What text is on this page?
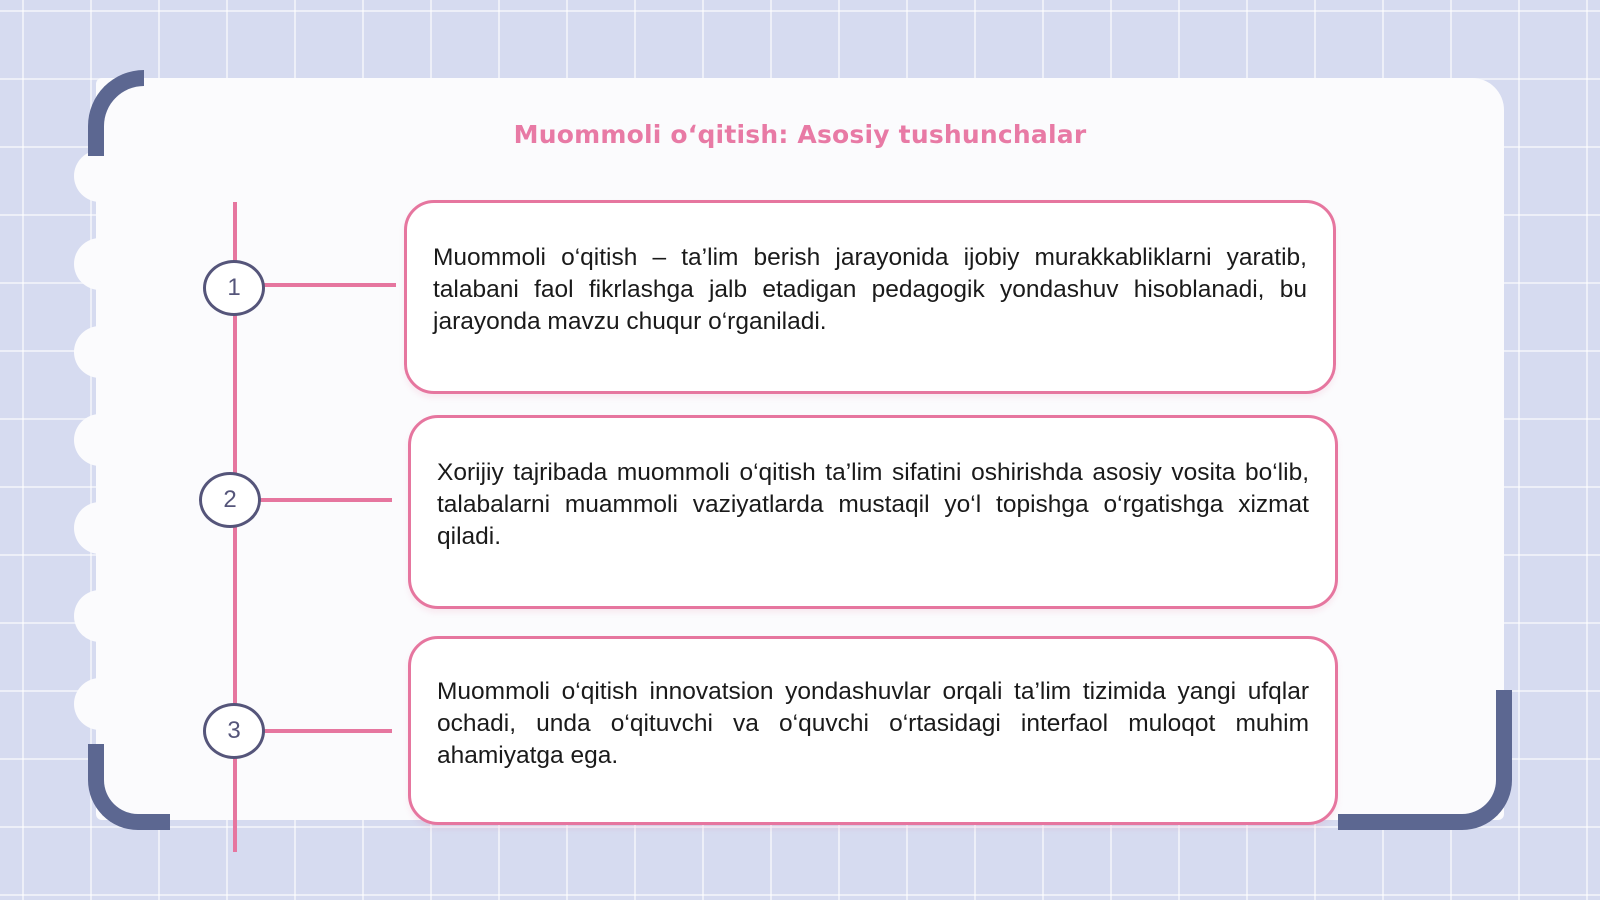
Muommoli oʻqitish: Asosiy tushunchalar
1
2
3

Muommoli o‘qitish – ta’lim berish jarayonida ijobiy murakkabliklarni yaratib, talabani faol fikrlashga jalb etadigan pedagogik yondashuv hisoblanadi, bu jarayonda mavzu chuqur o‘rganiladi.

Xorijiy tajribada muommoli o‘qitish ta’lim sifatini oshirishda asosiy vosita bo‘lib, talabalarni muammoli vaziyatlarda mustaqil yo‘l topishga o‘rgatishga xizmat qiladi.

Muommoli o‘qitish innovatsion yondashuvlar orqali ta’lim tizimida yangi ufqlar ochadi, unda o‘qituvchi va o‘quvchi o‘rtasidagi interfaol muloqot muhim ahamiyatga ega.
